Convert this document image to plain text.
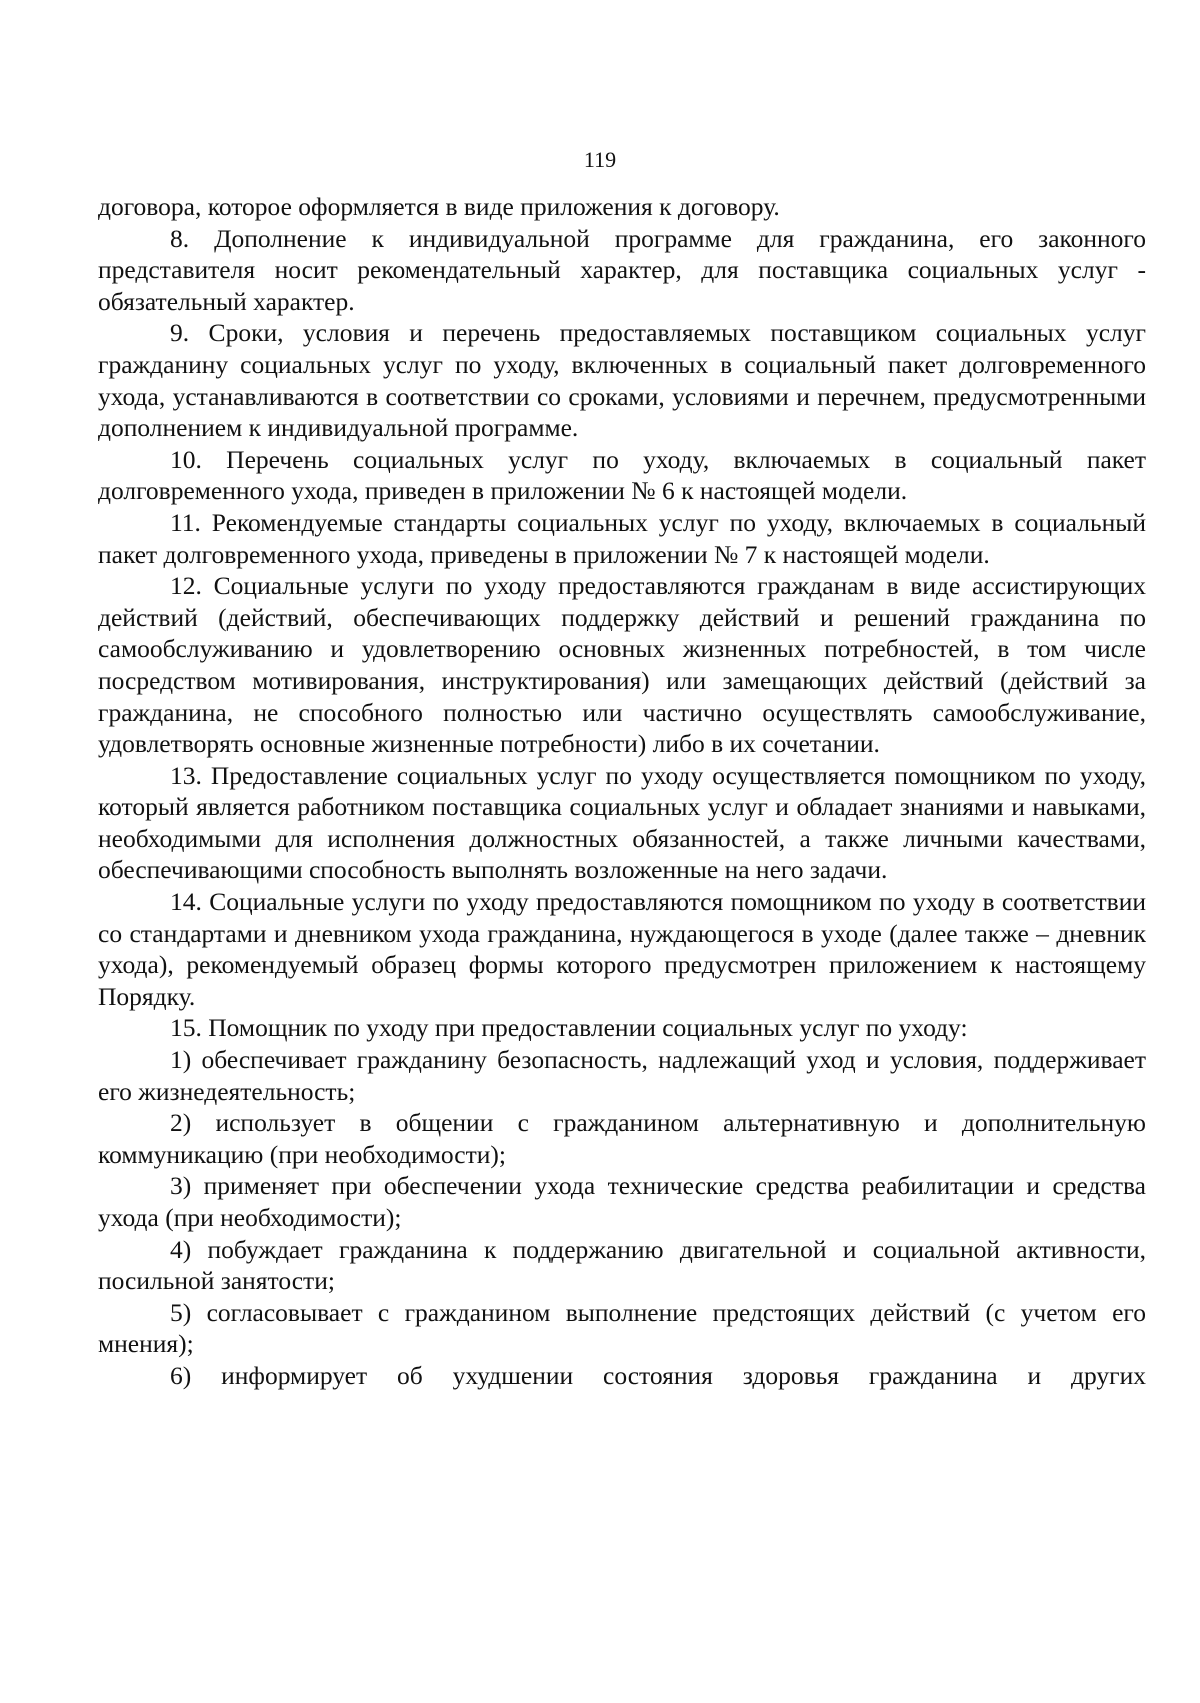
119

договора, которое оформляется в виде приложения к договору.

8. Дополнение к индивидуальной программе для гражданина, его законного представителя носит рекомендательный характер, для поставщика социальных услуг - обязательный характер.

9. Сроки, условия и перечень предоставляемых поставщиком социальных услуг гражданину социальных услуг по уходу, включенных в социальный пакет долговременного ухода, устанавливаются в соответствии со сроками, условиями и перечнем, предусмотренными дополнением к индивидуальной программе.

10. Перечень социальных услуг по уходу, включаемых в социальный пакет долговременного ухода, приведен в приложении № 6 к настоящей модели.

11. Рекомендуемые стандарты социальных услуг по уходу, включаемых в социальный пакет долговременного ухода, приведены в приложении № 7 к настоящей модели.

12. Социальные услуги по уходу предоставляются гражданам в виде ассистирующих действий (действий, обеспечивающих поддержку действий и решений гражданина по самообслуживанию и удовлетворению основных жизненных потребностей, в том числе посредством мотивирования, инструктирования) или замещающих действий (действий за гражданина, не способного полностью или частично осуществлять самообслуживание, удовлетворять основные жизненные потребности) либо в их сочетании.

13. Предоставление социальных услуг по уходу осуществляется помощником по уходу, который является работником поставщика социальных услуг и обладает знаниями и навыками, необходимыми для исполнения должностных обязанностей, а также личными качествами, обеспечивающими способность выполнять возложенные на него задачи.

14. Социальные услуги по уходу предоставляются помощником по уходу в соответствии со стандартами и дневником ухода гражданина, нуждающегося в уходе (далее также – дневник ухода), рекомендуемый образец формы которого предусмотрен приложением к настоящему Порядку.

15. Помощник по уходу при предоставлении социальных услуг по уходу:

1) обеспечивает гражданину безопасность, надлежащий уход и условия, поддерживает его жизнедеятельность;

2) использует в общении с гражданином альтернативную и дополнительную коммуникацию (при необходимости);

3) применяет при обеспечении ухода технические средства реабилитации и средства ухода (при необходимости);

4) побуждает гражданина к поддержанию двигательной и социальной активности, посильной занятости;

5) согласовывает с гражданином выполнение предстоящих действий (с учетом его мнения);

6) информирует об ухудшении состояния здоровья гражданина и других
